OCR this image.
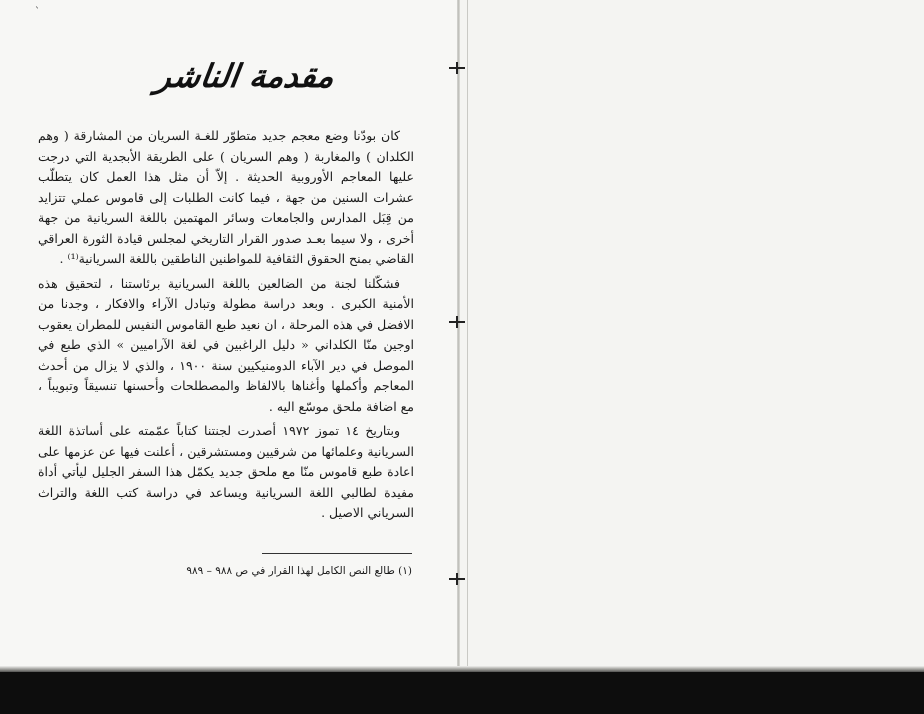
`
مقدمة الناشر

كان بودّنا وضع معجم جديد متطوّر للغـة السريان من المشارقة ( وهم الكلدان ) والمغاربة ( وهم السريان ) على الطريقة الأبجدية التي درجت عليها المعاجم الأوروبية الحديثة . إلاّ أن مثل هذا العمل كان يتطلّب عشرات السنين من جهة ، فيما كانت الطلبات إلى قاموس عملي تتزايد من قِبَل المدارس والجامعات وسائر المهتمين باللغة السريانية من جهة أخرى ، ولا سيما بعـد صدور القرار التاريخي لمجلس قيادة الثورة العراقي القاضي بمنح الحقوق الثقافية للمواطنين الناطقين باللغة السريانية⁽¹⁾ .

فشكّلنا لجنة من الضالعين باللغة السريانية برئاستنا ، لتحقيق هذه الأمنية الكبرى . وبعد دراسة مطولة وتبادل الآراء والافكار ، وجدنا من الافضل في هذه المرحلة ، ان نعيد طبع القاموس النفيس للمطران يعقوب اوجين منّا الكلداني « دليل الراغبين في لغة الآراميين » الذي طبع في الموصل في دير الآباء الدومنيكيين سنة ١٩٠٠ ، والذي لا يزال من أحدث المعاجم وأكملها وأغناها بالالفاظ والمصطلحات وأحسنها تنسيقاً وتبويباً ، مع اضافة ملحق موسّع اليه .

وبتاريخ ١٤ تموز ١٩٧٢ أصدرت لجنتنا كتاباً عمّمته على أساتذة اللغة السريانية وعلمائها من شرقيين ومستشرقين ، أعلنت فيها عن عزمها على اعادة طبع قاموس منّا مع ملحق جديد يكمّل هذا السفر الجليل ليأتي أداة مفيدة لطالبي اللغة السريانية ويساعد في دراسة كتب اللغة والتراث السرياني الاصيل .

(١) طالع النص الكامل لهذا القرار في ص ٩٨٨ – ٩٨٩
